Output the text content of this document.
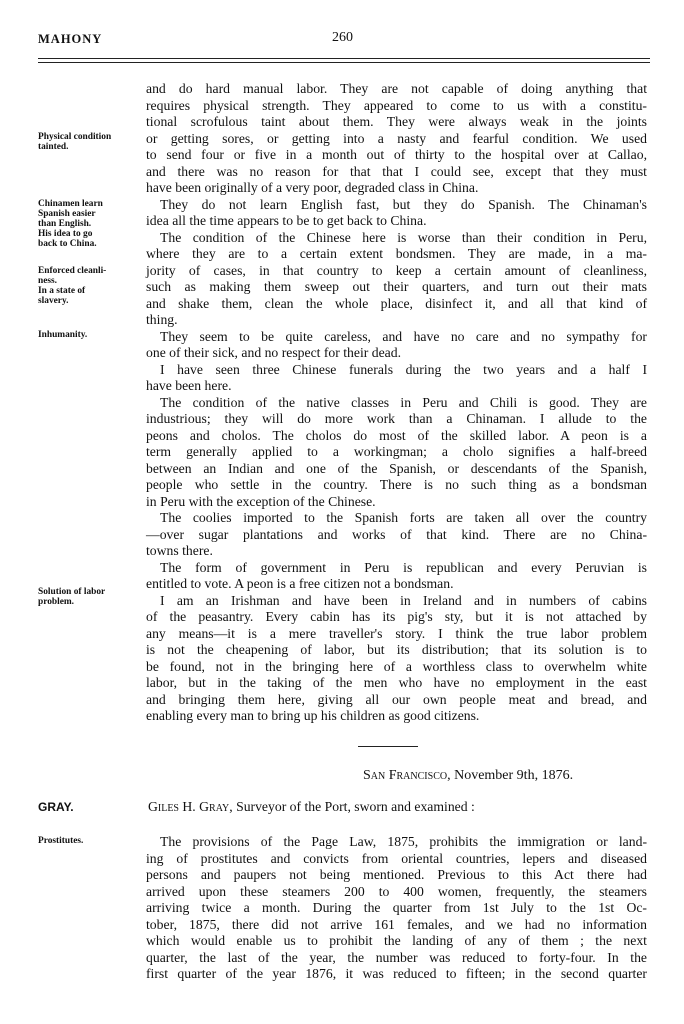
MAHONY	260
Physical condition
tainted.
Chinamen learn
Spanish easier
than English.
His idea to go
back to China.
Enforced cleanli-
ness.
In a state of
slavery.
Inhumanity.
Solution of labor
problem.
Prostitutes.
and do hard manual labor. They are not capable of doing anything that
requires physical strength. They appeared to come to us with a constitu-
tional scrofulous taint about them. They were always weak in the joints
or getting sores, or getting into a nasty and fearful condition. We used
to send four or five in a month out of thirty to the hospital over at Callao,
and there was no reason for that that I could see, except that they must
have been originally of a very poor, degraded class in China.
They do not learn English fast, but they do Spanish. The Chinaman's
idea all the time appears to be to get back to China.
The condition of the Chinese here is worse than their condition in Peru,
where they are to a certain extent bondsmen. They are made, in a ma-
jority of cases, in that country to keep a certain amount of cleanliness,
such as making them sweep out their quarters, and turn out their mats
and shake them, clean the whole place, disinfect it, and all that kind of
thing.
They seem to be quite careless, and have no care and no sympathy for
one of their sick, and no respect for their dead.
I have seen three Chinese funerals during the two years and a half I
have been here.
The condition of the native classes in Peru and Chili is good. They are
industrious; they will do more work than a Chinaman. I allude to the
peons and cholos. The cholos do most of the skilled labor. A peon is a
term generally applied to a workingman; a cholo signifies a half-breed
between an Indian and one of the Spanish, or descendants of the Spanish,
people who settle in the country. There is no such thing as a bondsman
in Peru with the exception of the Chinese.
The coolies imported to the Spanish forts are taken all over the country
—over sugar plantations and works of that kind. There are no China-
towns there.
The form of government in Peru is republican and every Peruvian is
entitled to vote. A peon is a free citizen not a bondsman.
I am an Irishman and have been in Ireland and in numbers of cabins
of the peasantry. Every cabin has its pig's sty, but it is not attached by
any means—it is a mere traveller's story. I think the true labor problem
is not the cheapening of labor, but its distribution; that its solution is to
be found, not in the bringing here of a worthless class to overwhelm white
labor, but in the taking of the men who have no employment in the east
and bringing them here, giving all our own people meat and bread, and
enabling every man to bring up his children as good citizens.
San Francisco, November 9th, 1876.
GRAY.	Giles H. Gray, Surveyor of the Port, sworn and examined :
The provisions of the Page Law, 1875, prohibits the immigration or land-
ing of prostitutes and convicts from oriental countries, lepers and diseased
persons and paupers not being mentioned. Previous to this Act there had
arrived upon these steamers 200 to 400 women, frequently, the steamers
arriving twice a month. During the quarter from 1st July to the 1st Oc-
tober, 1875, there did not arrive 161 females, and we had no information
which would enable us to prohibit the landing of any of them ; the next
quarter, the last of the year, the number was reduced to forty-four. In the
first quarter of the year 1876, it was reduced to fifteen; in the second quarter
